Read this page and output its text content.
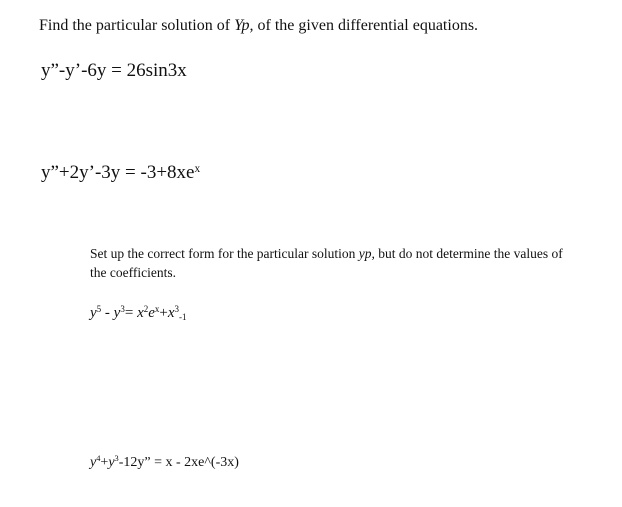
Find the particular solution of Yp, of the given differential equations.
y”-y’-6y = 26sin3x
y”+2y’-3y = $-3+8xe^x$
Set up the correct form for the particular solution yp, but do not determine the values of the coefficients.
$y^5 - y^3= x^2e^x+x^3_{-1}$
$y^4+y^3-12y$” = x - 2xe^(-3x)
